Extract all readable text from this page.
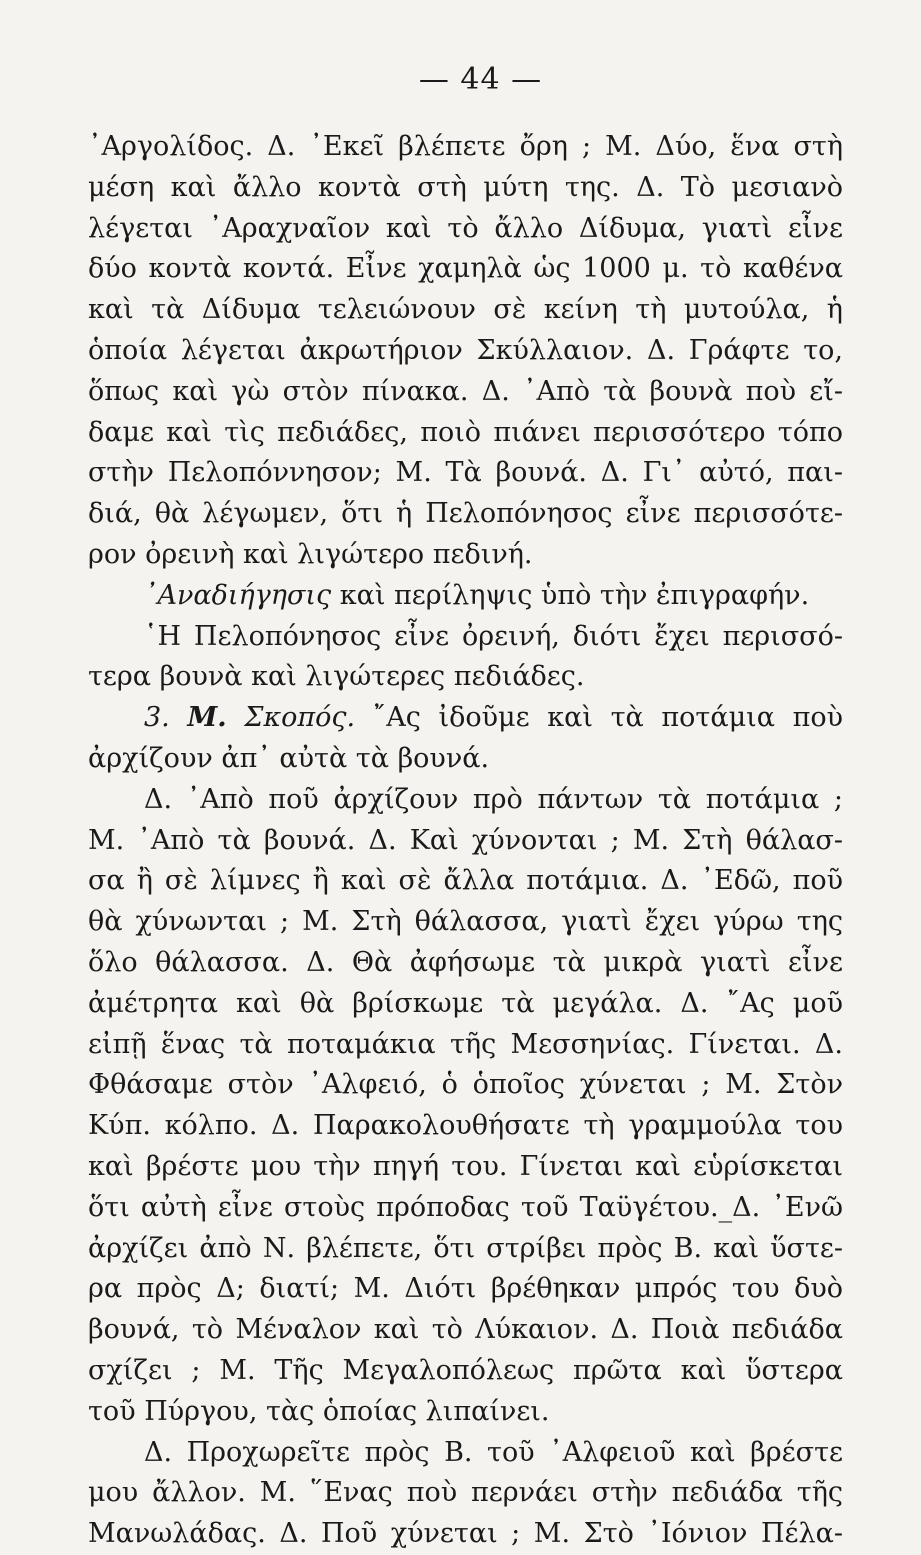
— 44 —

᾿Αργολίδος. Δ. ᾿Εκεῖ βλέπετε ὄρη ; Μ. Δύο, ἕνα στὴ
μέση καὶ ἄλλο κοντὰ στὴ μύτη της. Δ. Τὸ μεσιανὸ
λέγεται ᾿Αραχναῖον καὶ τὸ ἄλλο Δίδυμα, γιατὶ εἶνε
δύο κοντὰ κοντά. Εἶνε χαμηλὰ ὡς 1000 μ. τὸ καθένα
καὶ τὰ Δίδυμα τελειώνουν σὲ κείνη τὴ μυτούλα, ἡ
ὁποία λέγεται ἀκρωτήριον Σκύλλαιον. Δ. Γράφτε το,
ὅπως καὶ γὼ στὸν πίνακα. Δ. ᾿Απὸ τὰ βουνὰ ποὺ εἴ-
δαμε καὶ τὶς πεδιάδες, ποιὸ πιάνει περισσότερο τόπο
στὴν Πελοπόννησον; Μ. Τὰ βουνά. Δ. Γι᾿ αὐτό, παι-
διά, θὰ λέγωμεν, ὅτι ἡ Πελοπόνησος εἶνε περισσότε-
ρον ὀρεινὴ καὶ λιγώτερο πεδινή.

᾿Αναδιήγησις καὶ περίληψις ὑπὸ τὴν ἐπιγραφήν.

῾Η Πελοπόνησος εἶνε ὀρεινή, διότι ἔχει περισσό-
τερα βουνὰ καὶ λιγώτερες πεδιάδες.

3. Μ. Σκοπός. ῎Ας ἰδοῦμε καὶ τὰ ποτάμια ποὺ
ἀρχίζουν ἀπ᾿ αὐτὰ τὰ βουνά.

Δ. ᾿Απὸ ποῦ ἀρχίζουν πρὸ πάντων τὰ ποτάμια ;
Μ. ᾿Απὸ τὰ βουνά. Δ. Καὶ χύνονται ; Μ. Στὴ θάλασ-
σα ἢ σὲ λίμνες ἢ καὶ σὲ ἄλλα ποτάμια. Δ. ᾿Εδῶ, ποῦ
θὰ χύνωνται ; Μ. Στὴ θάλασσα, γιατὶ ἔχει γύρω της
ὅλο θάλασσα. Δ. Θὰ ἀφήσωμε τὰ μικρὰ γιατὶ εἶνε
ἀμέτρητα καὶ θὰ βρίσκωμε τὰ μεγάλα. Δ. ῎Ας μοῦ
εἰπῇ ἕνας τὰ ποταμάκια τῆς Μεσσηνίας. Γίνεται. Δ.
Φθάσαμε στὸν ᾿Αλφειό, ὁ ὁποῖος χύνεται ; Μ. Στὸν
Κύπ. κόλπο. Δ. Παρακολουθήσατε τὴ γραμμούλα του
καὶ βρέστε μου τὴν πηγή του. Γίνεται καὶ εὑρίσκεται
ὅτι αὐτὴ εἶνε στοὺς πρόποδας τοῦ Ταϋγέτου._Δ. ᾿Ενῶ
ἀρχίζει ἀπὸ Ν. βλέπετε, ὅτι στρίβει πρὸς Β. καὶ ὕστε-
ρα πρὸς Δ; διατί; Μ. Διότι βρέθηκαν μπρός του δυὸ
βουνά, τὸ Μέναλον καὶ τὸ Λύκαιον. Δ. Ποιὰ πεδιάδα
σχίζει ; Μ. Τῆς Μεγαλοπόλεως πρῶτα καὶ ὕστερα
τοῦ Πύργου, τὰς ὁποίας λιπαίνει.

Δ. Προχωρεῖτε πρὸς Β. τοῦ ᾿Αλφειοῦ καὶ βρέστε
μου ἄλλον. Μ. ῞Ενας ποὺ περνάει στὴν πεδιάδα τῆς
Μανωλάδας. Δ. Ποῦ χύνεται ; Μ. Στὸ ᾿Ιόνιον Πέλα-
